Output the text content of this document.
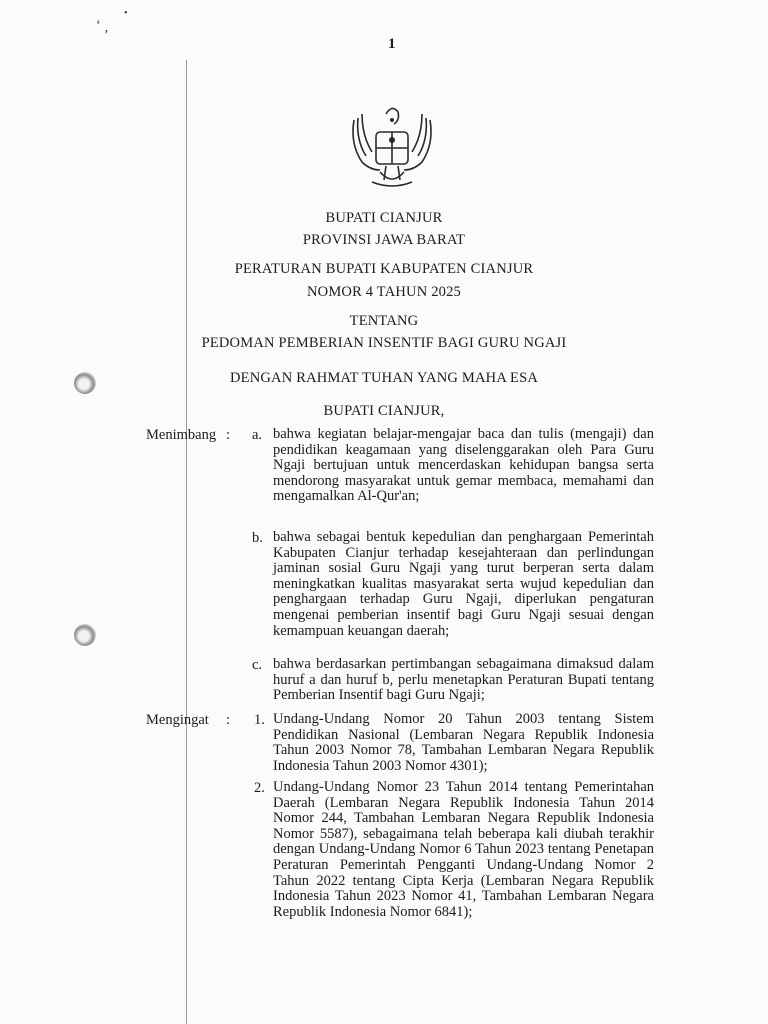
‘
•
’
1
BUPATI CIANJUR
PROVINSI JAWA BARAT
PERATURAN BUPATI KABUPATEN CIANJUR
NOMOR 4 TAHUN 2025
TENTANG
PEDOMAN PEMBERIAN INSENTIF BAGI GURU NGAJI
DENGAN RAHMAT TUHAN YANG MAHA ESA
BUPATI CIANJUR,
Menimbang : a. bahwa kegiatan belajar-mengajar baca dan tulis (mengaji) dan pendidikan keagamaan yang diselenggarakan oleh Para Guru Ngaji bertujuan untuk mencerdaskan kehidupan bangsa serta mendorong masyarakat untuk gemar membaca, memahami dan mengamalkan Al-Qur'an;
b. bahwa sebagai bentuk kepedulian dan penghargaan Pemerintah Kabupaten Cianjur terhadap kesejahteraan dan perlindungan jaminan sosial Guru Ngaji yang turut berperan serta dalam meningkatkan kualitas masyarakat serta wujud kepedulian dan penghargaan terhadap Guru Ngaji, diperlukan pengaturan mengenai pemberian insentif bagi Guru Ngaji sesuai dengan kemampuan keuangan daerah;
c. bahwa berdasarkan pertimbangan sebagaimana dimaksud dalam huruf a dan huruf b, perlu menetapkan Peraturan Bupati tentang Pemberian Insentif bagi Guru Ngaji;
Mengingat : 1. Undang-Undang Nomor 20 Tahun 2003 tentang Sistem Pendidikan Nasional (Lembaran Negara Republik Indonesia Tahun 2003 Nomor 78, Tambahan Lembaran Negara Republik Indonesia Tahun 2003 Nomor 4301);
2. Undang-Undang Nomor 23 Tahun 2014 tentang Pemerintahan Daerah (Lembaran Negara Republik Indonesia Tahun 2014 Nomor 244, Tambahan Lembaran Negara Republik Indonesia Nomor 5587), sebagaimana telah beberapa kali diubah terakhir dengan Undang-Undang Nomor 6 Tahun 2023 tentang Penetapan Peraturan Pemerintah Pengganti Undang-Undang Nomor 2 Tahun 2022 tentang Cipta Kerja (Lembaran Negara Republik Indonesia Tahun 2023 Nomor 41, Tambahan Lembaran Negara Republik Indonesia Nomor 6841);
